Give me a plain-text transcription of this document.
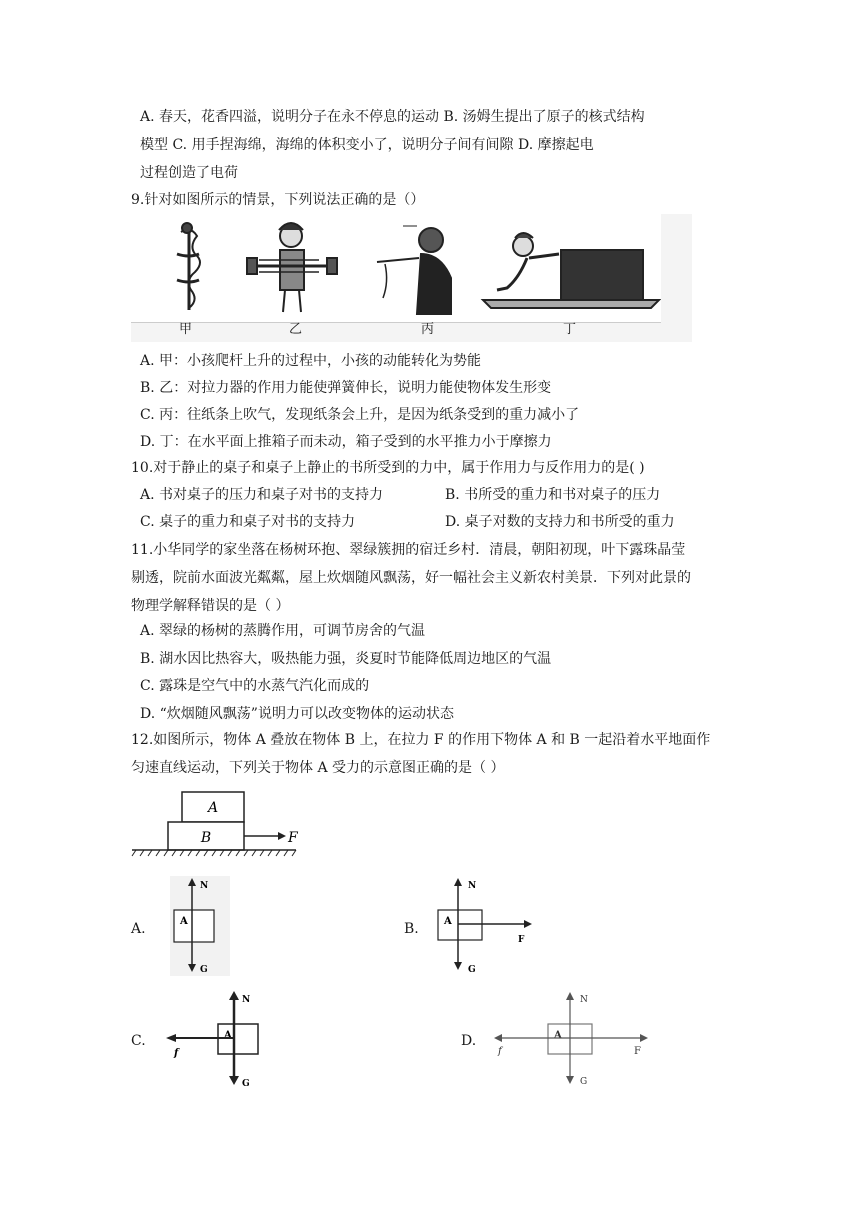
A. 春天，花香四溢，说明分子在永不停息的运动 B. 汤姆生提出了原子的核式结构
模型 C. 用手捏海绵，海绵的体积变小了，说明分子间有间隙 D. 摩擦起电
过程创造了电荷
9.针对如图所示的情景，下列说法正确的是（）
甲	乙	丙	丁
A. 甲：小孩爬杆上升的过程中，小孩的动能转化为势能
B. 乙：对拉力器的作用力能使弹簧伸长，说明力能使物体发生形变
C. 丙：往纸条上吹气，发现纸条会上升，是因为纸条受到的重力减小了
D. 丁：在水平面上推箱子而未动，箱子受到的水平推力小于摩擦力
10.对于静止的桌子和桌子上静止的书所受到的力中，属于作用力与反作用力的是( )
A. 书对桌子的压力和桌子对书的支持力	B. 书所受的重力和书对桌子的压力
C. 桌子的重力和桌子对书的支持力	D. 桌子对数的支持力和书所受的重力
11.小华同学的家坐落在杨树环抱、翠绿簇拥的宿迁乡村．清晨，朝阳初现，叶下露珠晶莹
剔透，院前水面波光粼粼，屋上炊烟随风飘荡，好一幅社会主义新农村美景．下列对此景的
物理学解释错误的是（ ）
A. 翠绿的杨树的蒸腾作用，可调节房舍的气温
B. 湖水因比热容大，吸热能力强，炎夏时节能降低周边地区的气温
C. 露珠是空气中的水蒸气汽化而成的
D. “炊烟随风飘荡”说明力可以改变物体的运动状态
12.如图所示，物体 A 叠放在物体 B 上，在拉力 F 的作用下物体 A 和 B 一起沿着水平地面作
匀速直线运动，下列关于物体 A 受力的示意图正确的是（ ）
A
B	F
A.	A
N
G
B.	A
N
G
F
C.	A
N
G
f
D.	A
N
G
f	F
